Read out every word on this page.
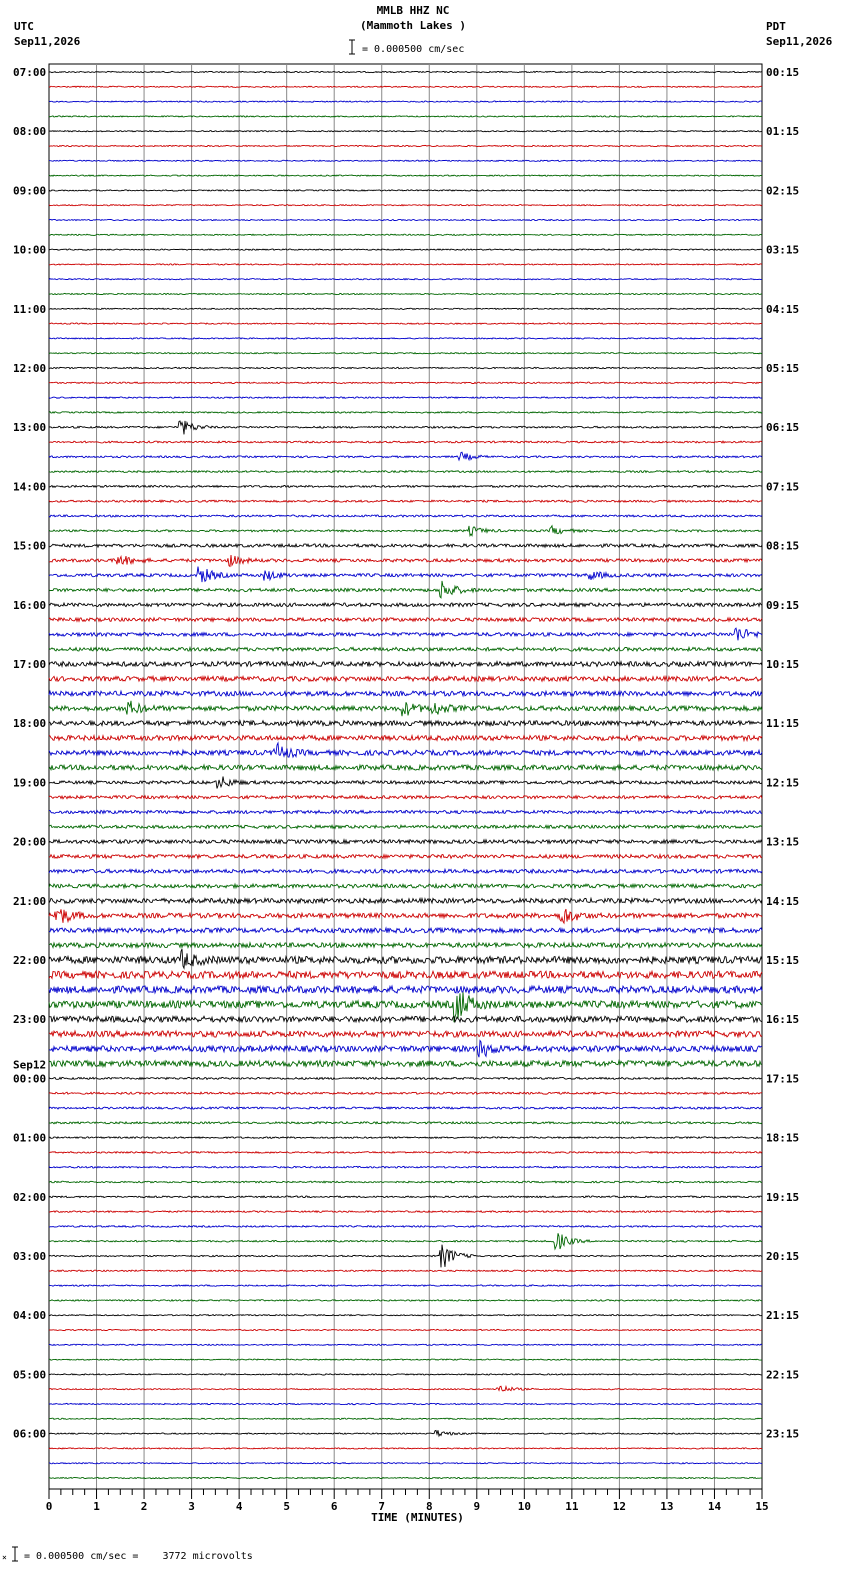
MMLB HHZ NC
(Mammoth Lakes )
UTC
Sep11,2026
PDT
Sep11,2026
= 0.000500 cm/sec
07:00
08:00
09:00
10:00
11:00
12:00
13:00
14:00
15:00
16:00
17:00
18:00
19:00
20:00
21:00
22:00
23:00
00:00
Sep12
01:00
02:00
03:00
04:00
05:00
06:00
00:15
01:15
02:15
03:15
04:15
05:15
06:15
07:15
08:15
09:15
10:15
11:15
12:15
13:15
14:15
15:15
16:15
17:15
18:15
19:15
20:15
21:15
22:15
23:15
0	1	2	3	4	5	6	7	8	9	10	11	12	13	14	15
TIME (MINUTES)
× = 0.000500 cm/sec =    3772 microvolts
